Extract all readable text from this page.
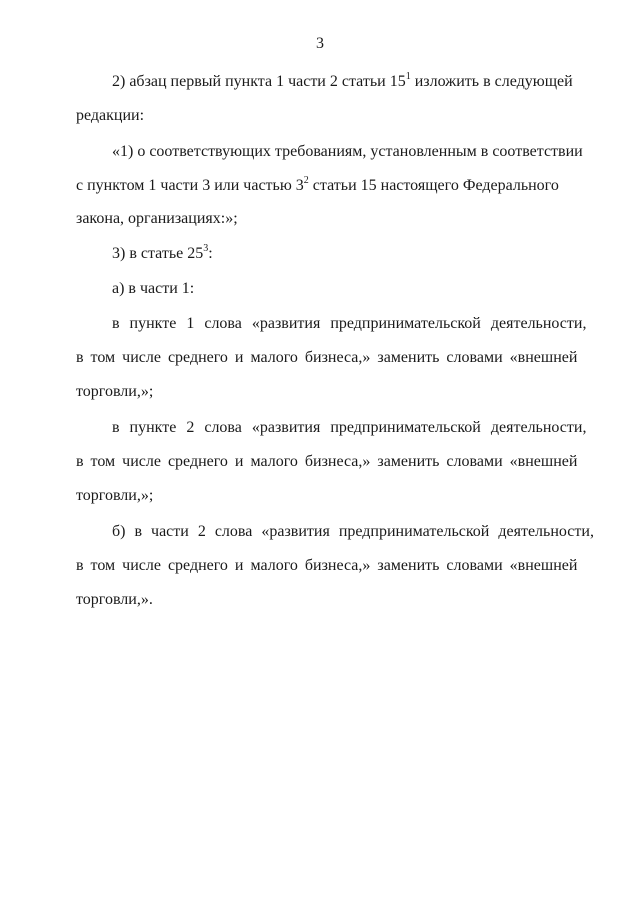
3
2) абзац первый пункта 1 части 2 статьи $15^1$ изложить в следующей
редакции:
«1) о соответствующих требованиям, установленным в соответствии
с пунктом 1 части 3 или частью $3^2$ статьи 15 настоящего Федерального
закона, организациях:»;
3) в статье $25^3$:
а) в части 1:
в пункте 1 слова «развития предпринимательской деятельности,
в том числе среднего и малого бизнеса,» заменить словами «внешней
торговли,»;
в пункте 2 слова «развития предпринимательской деятельности,
в том числе среднего и малого бизнеса,» заменить словами «внешней
торговли,»;
б) в части 2 слова «развития предпринимательской деятельности,
в том числе среднего и малого бизнеса,» заменить словами «внешней
торговли,».
